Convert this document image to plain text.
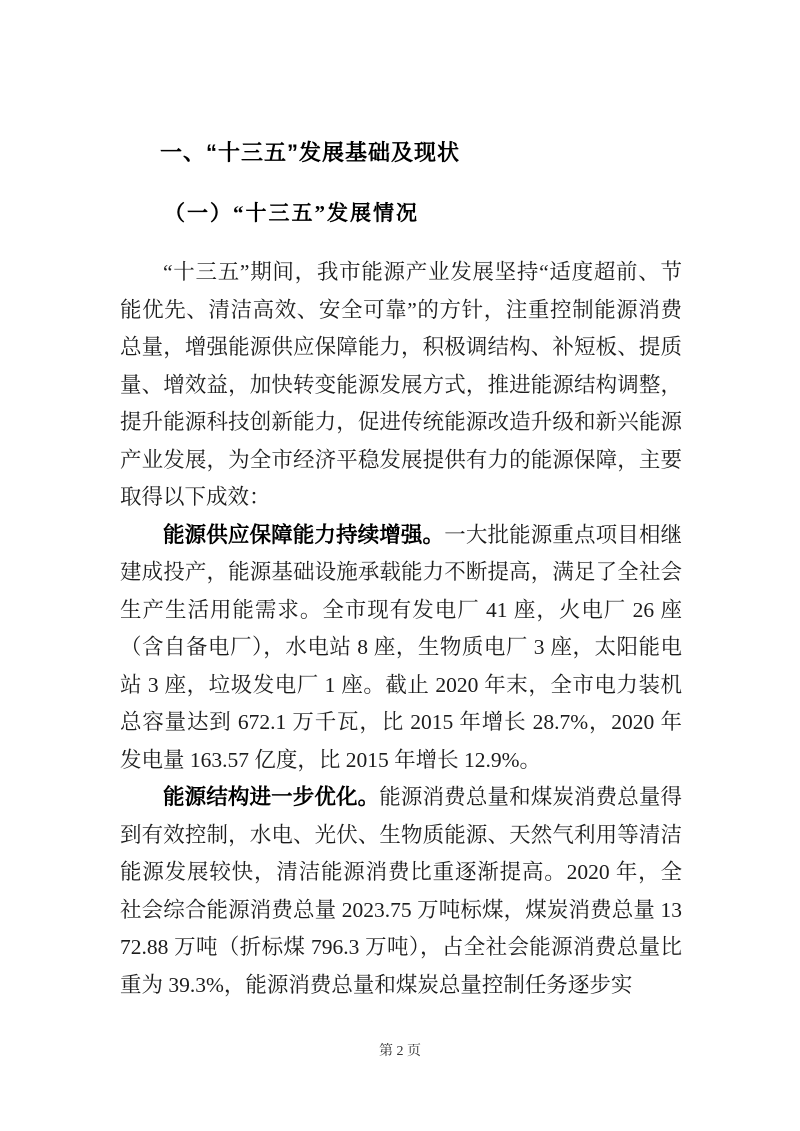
一、“十三五”发展基础及现状
（一）“十三五”发展情况

“十三五”期间，我市能源产业发展坚持“适度超前、节能优先、清洁高效、安全可靠”的方针，注重控制能源消费总量，增强能源供应保障能力，积极调结构、补短板、提质量、增效益，加快转变能源发展方式，推进能源结构调整，提升能源科技创新能力，促进传统能源改造升级和新兴能源产业发展，为全市经济平稳发展提供有力的能源保障，主要取得以下成效：

能源供应保障能力持续增强。一大批能源重点项目相继建成投产，能源基础设施承载能力不断提高，满足了全社会生产生活用能需求。全市现有发电厂 41 座，火电厂 26 座（含自备电厂），水电站 8 座，生物质电厂 3 座，太阳能电站 3 座，垃圾发电厂 1 座。截止 2020 年末，全市电力装机总容量达到 672.1 万千瓦，比 2015 年增长 28.7%，2020 年发电量 163.57 亿度，比 2015 年增长 12.9%。

能源结构进一步优化。能源消费总量和煤炭消费总量得到有效控制，水电、光伏、生物质能源、天然气利用等清洁能源发展较快，清洁能源消费比重逐渐提高。2020 年，全社会综合能源消费总量 2023.75 万吨标煤，煤炭消费总量 1372.88 万吨（折标煤 796.3 万吨），占全社会能源消费总量比重为 39.3%，能源消费总量和煤炭总量控制任务逐步实

第 2 页
